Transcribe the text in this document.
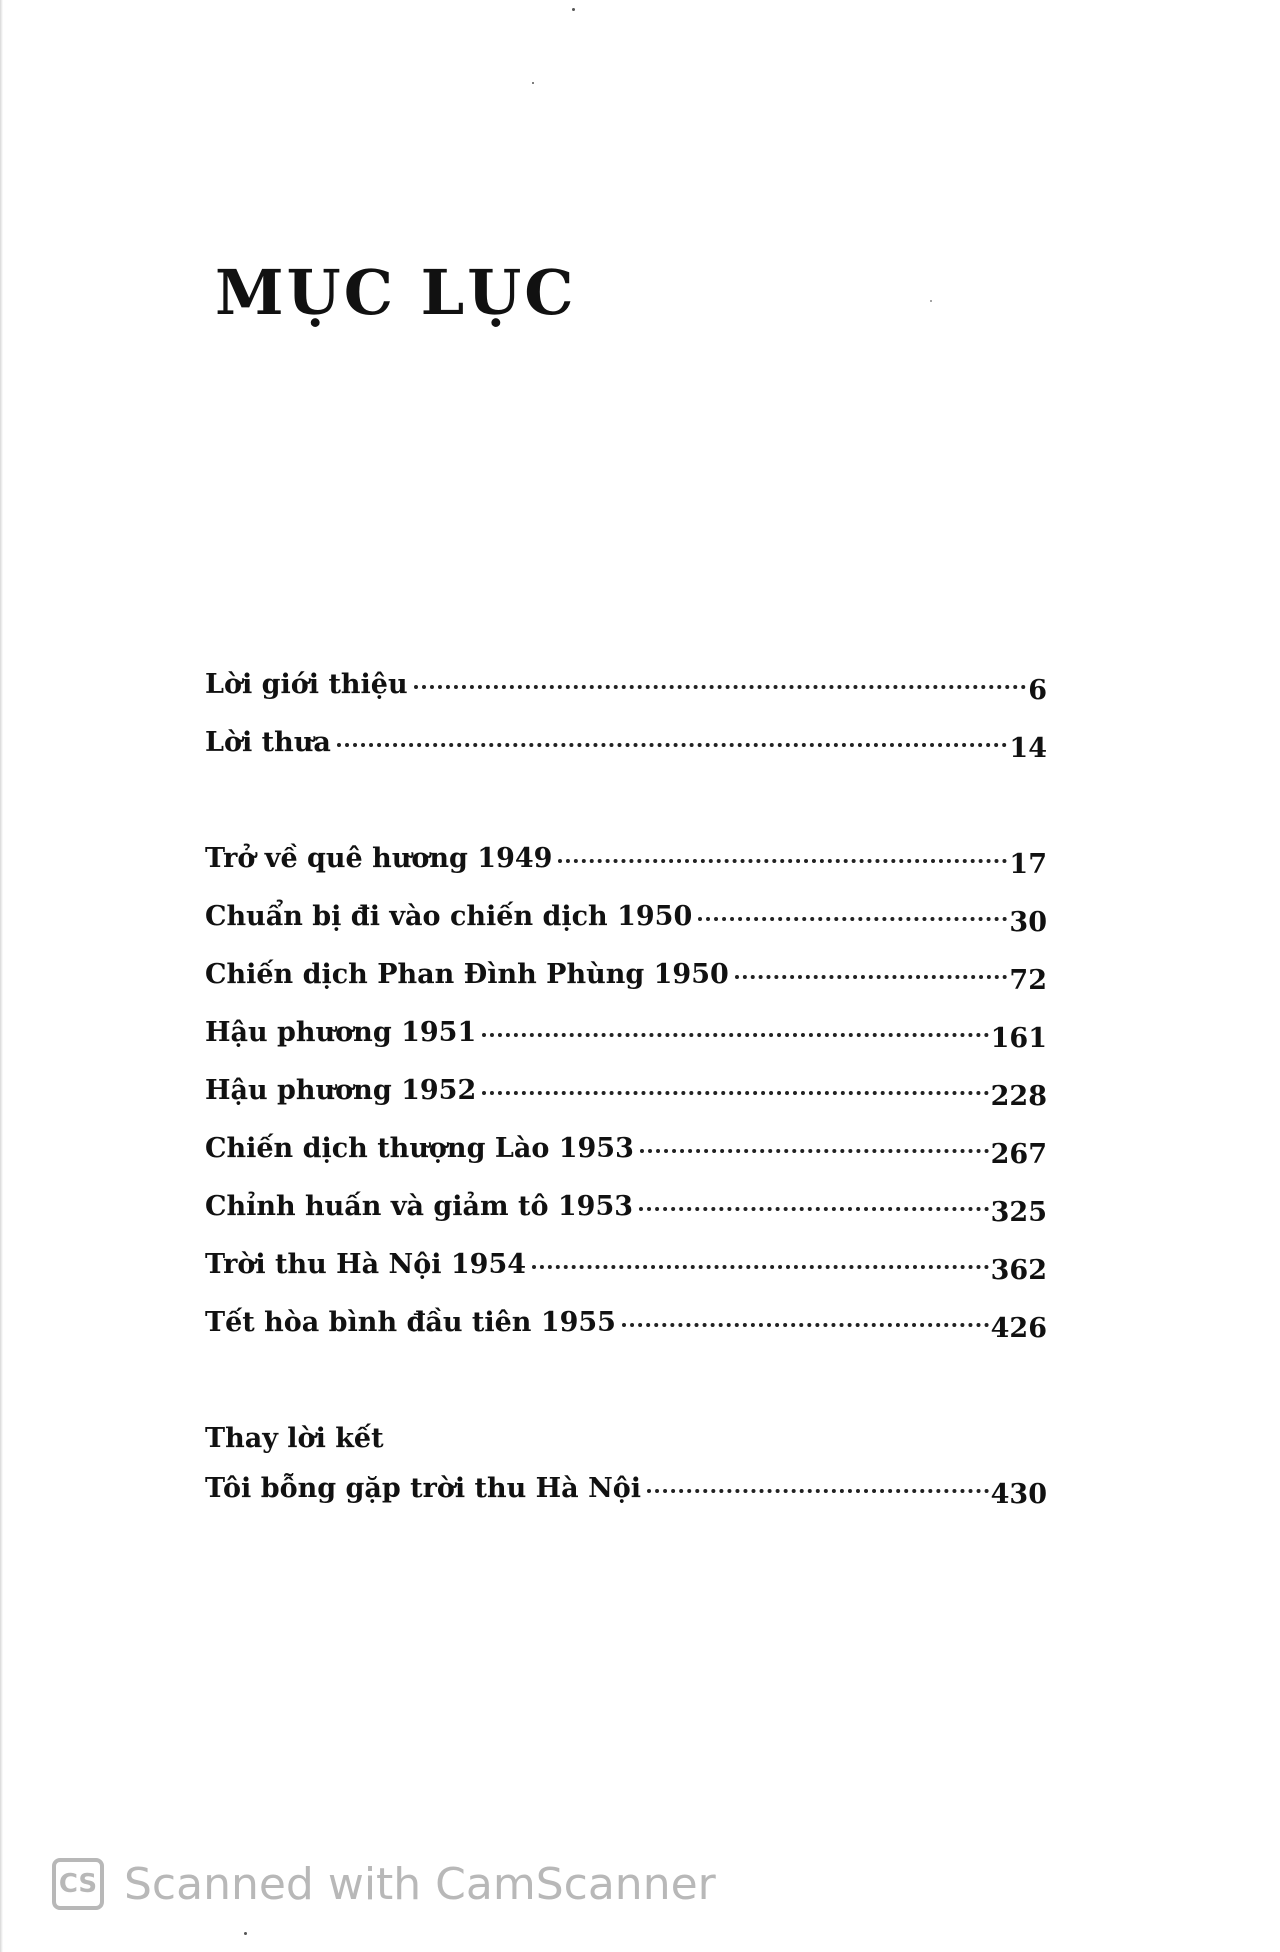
MỤC LỤC
Lời giới thiệu	6
Lời thưa	14
Trở về quê hương 1949	17
Chuẩn bị đi vào chiến dịch 1950	30
Chiến dịch Phan Đình Phùng 1950	72
Hậu phương 1951	161
Hậu phương 1952	228
Chiến dịch thượng Lào 1953	267
Chỉnh huấn và giảm tô 1953	325
Trời thu Hà Nội 1954	362
Tết hòa bình đầu tiên 1955	426
Thay lời kết
Tôi bỗng gặp trời thu Hà Nội	430
CS Scanned with CamScanner
